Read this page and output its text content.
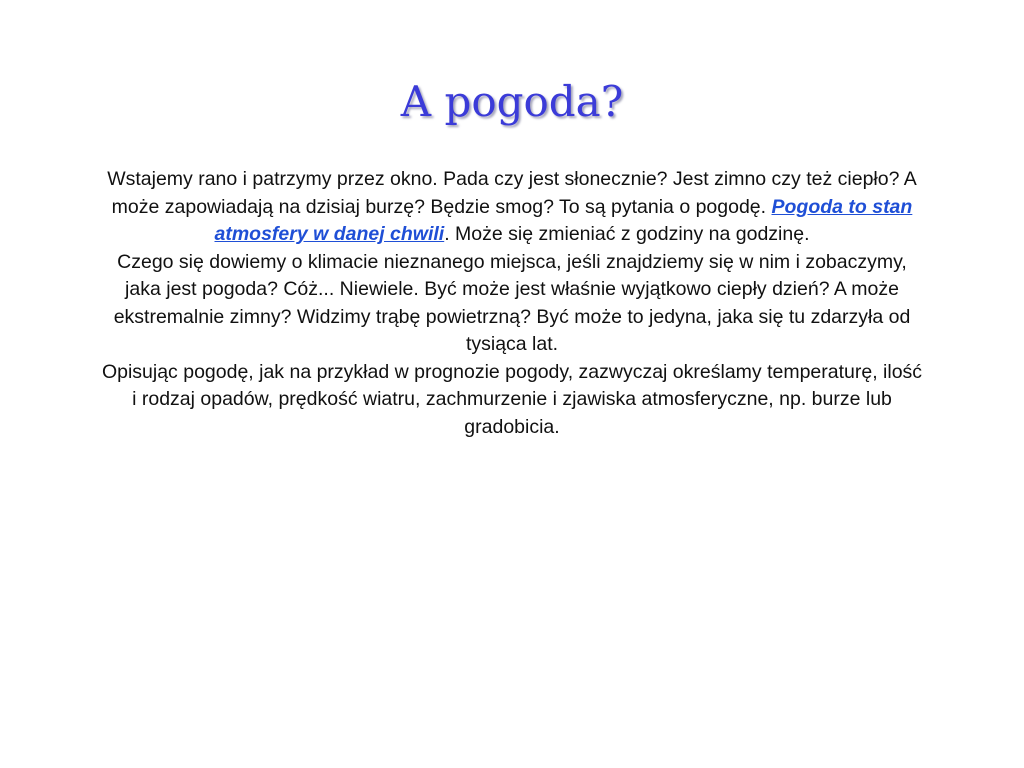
A pogoda?

Wstajemy rano i patrzymy przez okno. Pada czy jest słonecznie? Jest zimno czy też ciepło? A może zapowiadają na dzisiaj burzę? Będzie smog? To są pytania o pogodę. Pogoda to stan atmosfery w danej chwili. Może się zmieniać z godziny na godzinę.

Czego się dowiemy o klimacie nieznanego miejsca, jeśli znajdziemy się w nim i zobaczymy, jaka jest pogoda? Cóż... Niewiele. Być może jest właśnie wyjątkowo ciepły dzień? A może ekstremalnie zimny? Widzimy trąbę powietrzną? Być może to jedyna, jaka się tu zdarzyła od tysiąca lat.

Opisując pogodę, jak na przykład w prognozie pogody, zazwyczaj określamy temperaturę, ilość i rodzaj opadów, prędkość wiatru, zachmurzenie i zjawiska atmosferyczne, np. burze lub gradobicia.
